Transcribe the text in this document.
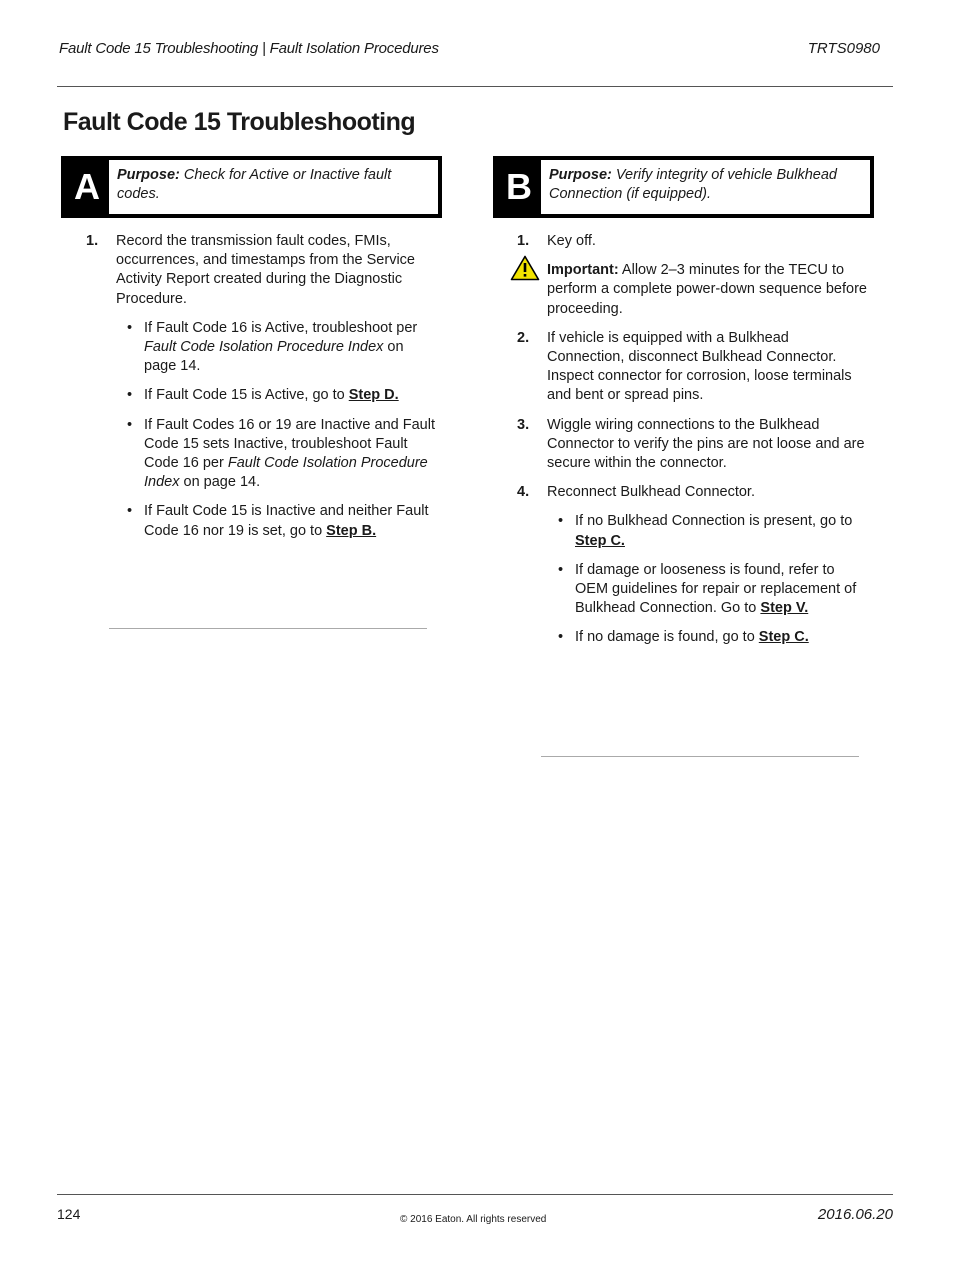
Fault Code 15 Troubleshooting | Fault Isolation Procedures	TRTS0980
Fault Code 15 Troubleshooting
A	Purpose: Check for Active or Inactive fault codes.	B	Purpose: Verify integrity of vehicle Bulkhead Connection (if equipped).
1. Record the transmission fault codes, FMIs, occurrences, and timestamps from the Service Activity Report created during the Diagnostic Procedure.
• If Fault Code 16 is Active, troubleshoot per Fault Code Isolation Procedure Index on page 14.
• If Fault Code 15 is Active, go to Step D.
• If Fault Codes 16 or 19 are Inactive and Fault Code 15 sets Inactive, troubleshoot Fault Code 16 per Fault Code Isolation Procedure Index on page 14.
• If Fault Code 15 is Inactive and neither Fault Code 16 nor 19 is set, go to Step B.
1. Key off.
Important: Allow 2–3 minutes for the TECU to perform a complete power-down sequence before proceeding.
2. If vehicle is equipped with a Bulkhead Connection, disconnect Bulkhead Connector. Inspect connector for corrosion, loose terminals and bent or spread pins.
3. Wiggle wiring connections to the Bulkhead Connector to verify the pins are not loose and are secure within the connector.
4. Reconnect Bulkhead Connector.
• If no Bulkhead Connection is present, go to Step C.
• If damage or looseness is found, refer to OEM guidelines for repair or replacement of Bulkhead Connection. Go to Step V.
• If no damage is found, go to Step C.
124	© 2016 Eaton. All rights reserved	2016.06.20
